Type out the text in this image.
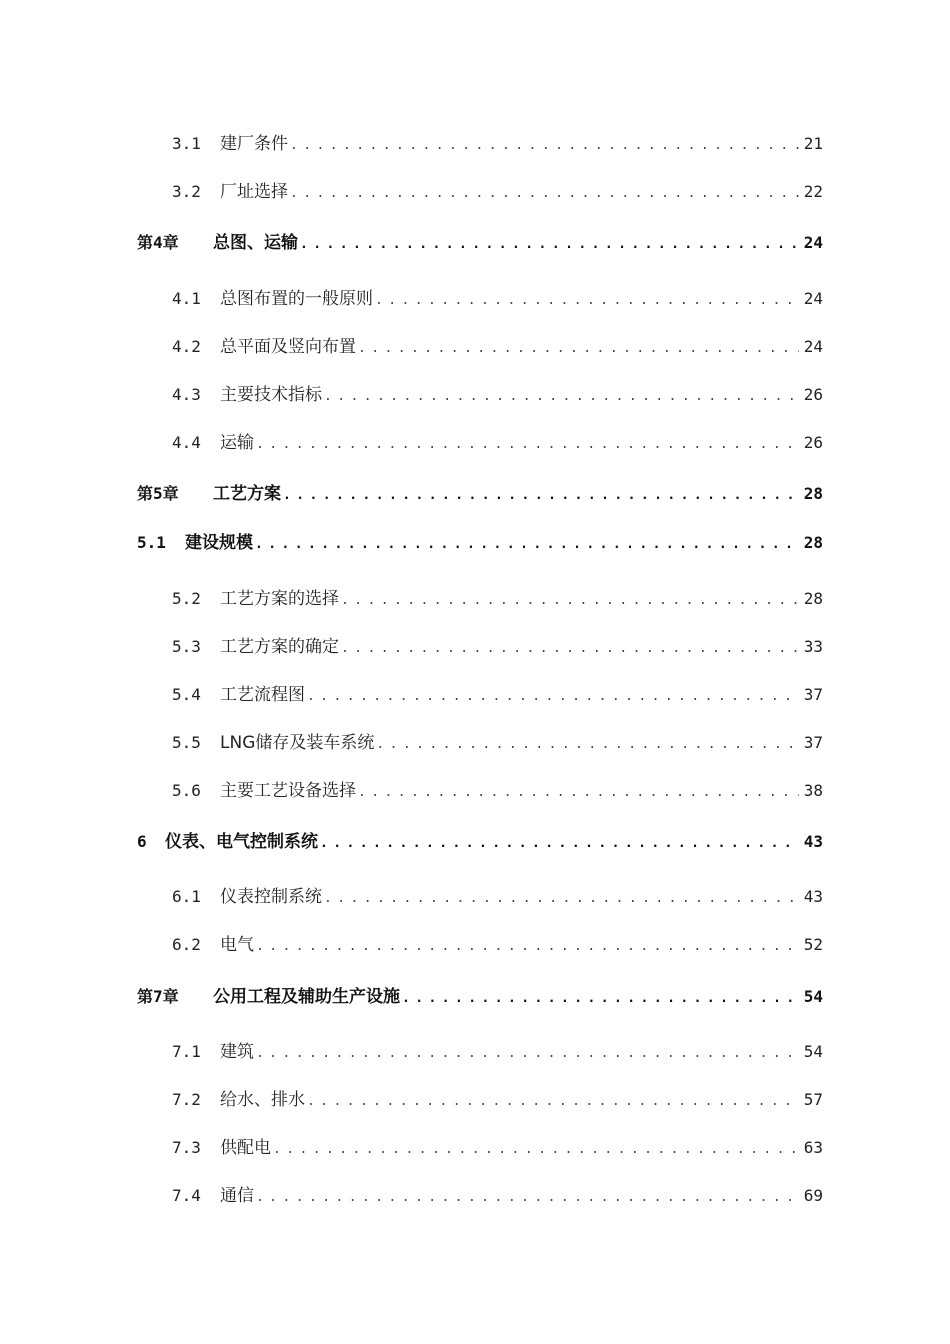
3.1	建厂条件 . . .	21
3.2	厂址选择 . . .	22
第4章	总图、运输 . . .	24
4.1	总图布置的一般原则 . . .	24
4.2	总平面及竖向布置 . . .	24
4.3	主要技术指标 . . .	26
4.4	运输 . . .	26
第5章	工艺方案 . . .	28
5.1	建设规模 . . .	28
5.2	工艺方案的选择 . . .	28
5.3	工艺方案的确定 . . .	33
5.4	工艺流程图 . . .	37
5.5	LNG储存及装车系统 . . .	37
5.6	主要工艺设备选择 . . .	38
6	仪表、电气控制系统 . . .	43
6.1	仪表控制系统 . . .	43
6.2	电气 . . .	52
第7章	公用工程及辅助生产设施 . . .	54
7.1	建筑 . . .	54
7.2	给水、排水 . . .	57
7.3	供配电 . . .	63
7.4	通信 . . .	69
